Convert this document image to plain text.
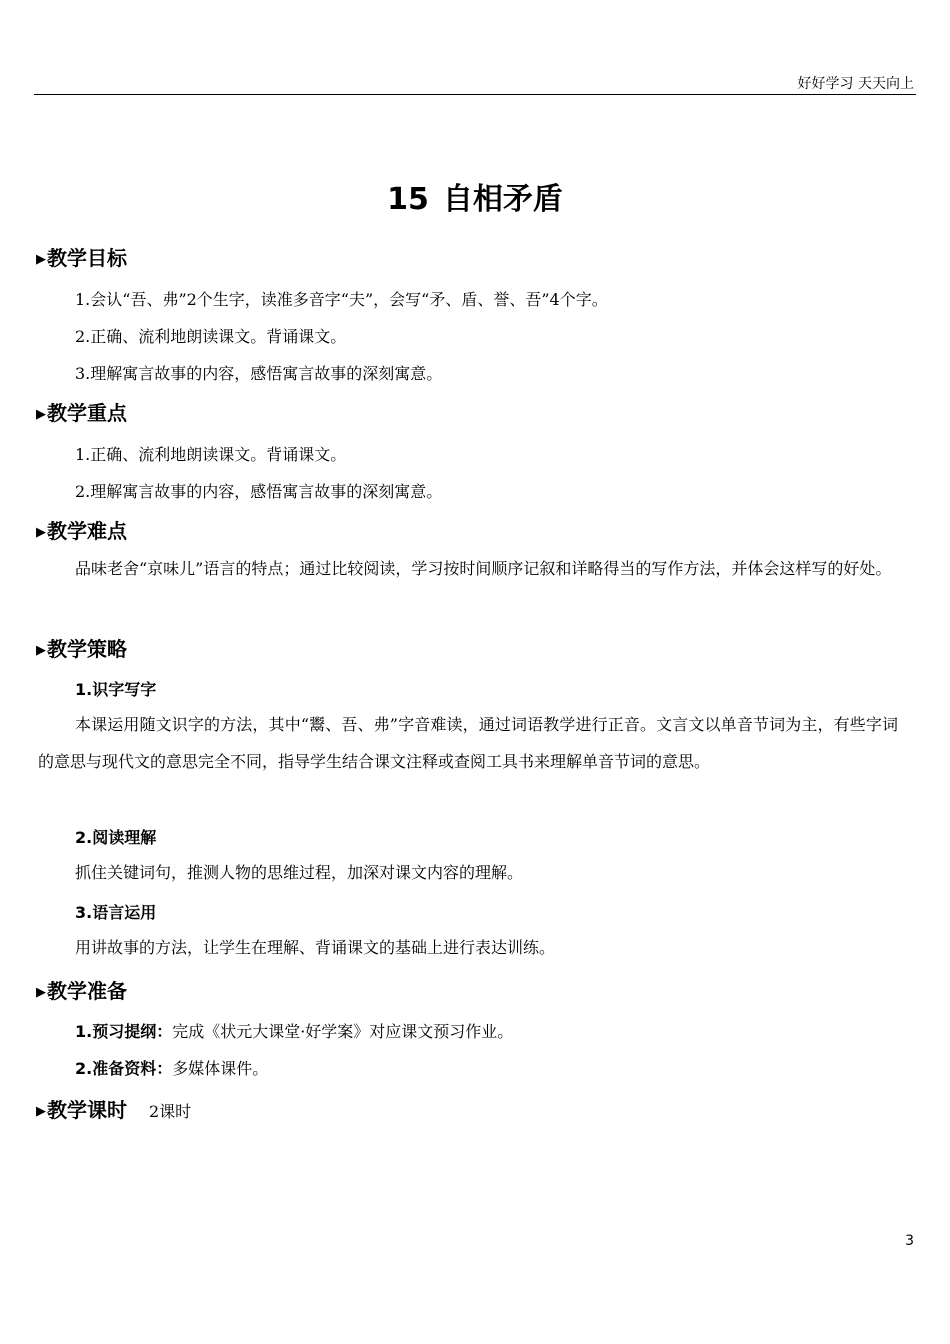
好好学习 天天向上
15 自相矛盾
▶教学目标
1.会认“吾、弗”2个生字，读准多音字“夫”，会写“矛、盾、誉、吾”4个字。
2.正确、流利地朗读课文。背诵课文。
3.理解寓言故事的内容，感悟寓言故事的深刻寓意。
▶教学重点
1.正确、流利地朗读课文。背诵课文。
2.理解寓言故事的内容，感悟寓言故事的深刻寓意。
▶教学难点
品味老舍“京味儿”语言的特点；通过比较阅读，学习按时间顺序记叙和详略得当的写作方法，并体会这样写的好处。
▶教学策略
1.识字写字
本课运用随文识字的方法，其中“鬻、吾、弗”字音难读，通过词语教学进行正音。文言文以单音节词为主，有些字词的意思与现代文的意思完全不同，指导学生结合课文注释或查阅工具书来理解单音节词的意思。
2.阅读理解
抓住关键词句，推测人物的思维过程，加深对课文内容的理解。
3.语言运用
用讲故事的方法，让学生在理解、背诵课文的基础上进行表达训练。
▶教学准备
1.预习提纲：完成《状元大课堂·好学案》对应课文预习作业。
2.准备资料：多媒体课件。
▶教学课时 2课时
3
